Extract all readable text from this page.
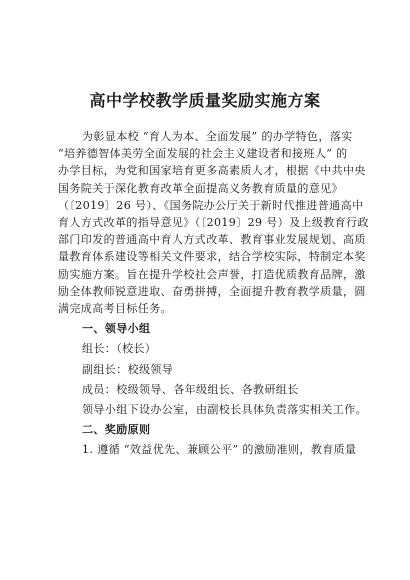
高中学校教学质量奖励实施方案

为彰显本校 “育人为本、全面发展” 的办学特色，落实

“培养德智体美劳全面发展的社会主义建设者和接班人” 的

办学目标，为党和国家培育更多高素质人才，根据《中共中央

国务院关于深化教育改革全面提高义务教育质量的意见》

（〔2019〕26 号）、《国务院办公厅关于新时代推进普通高中

育人方式改革的指导意见》（〔2019〕29 号）及上级教育行政

部门印发的普通高中育人方式改革、教育事业发展规划、高质

量教育体系建设等相关文件要求，结合学校实际，特制定本奖

励实施方案。旨在提升学校社会声誉，打造优质教育品牌，激

励全体教师锐意进取、奋勇拼搏，全面提升教育教学质量，圆

满完成高考目标任务。

一、领导小组

组长：（校长）

副组长：校级领导

成员：校级领导、各年级组长、各教研组长

领导小组下设办公室，由副校长具体负责落实相关工作。

二、奖励原则

1. 遵循 “效益优先、兼顾公平” 的激励准则，教育质量
